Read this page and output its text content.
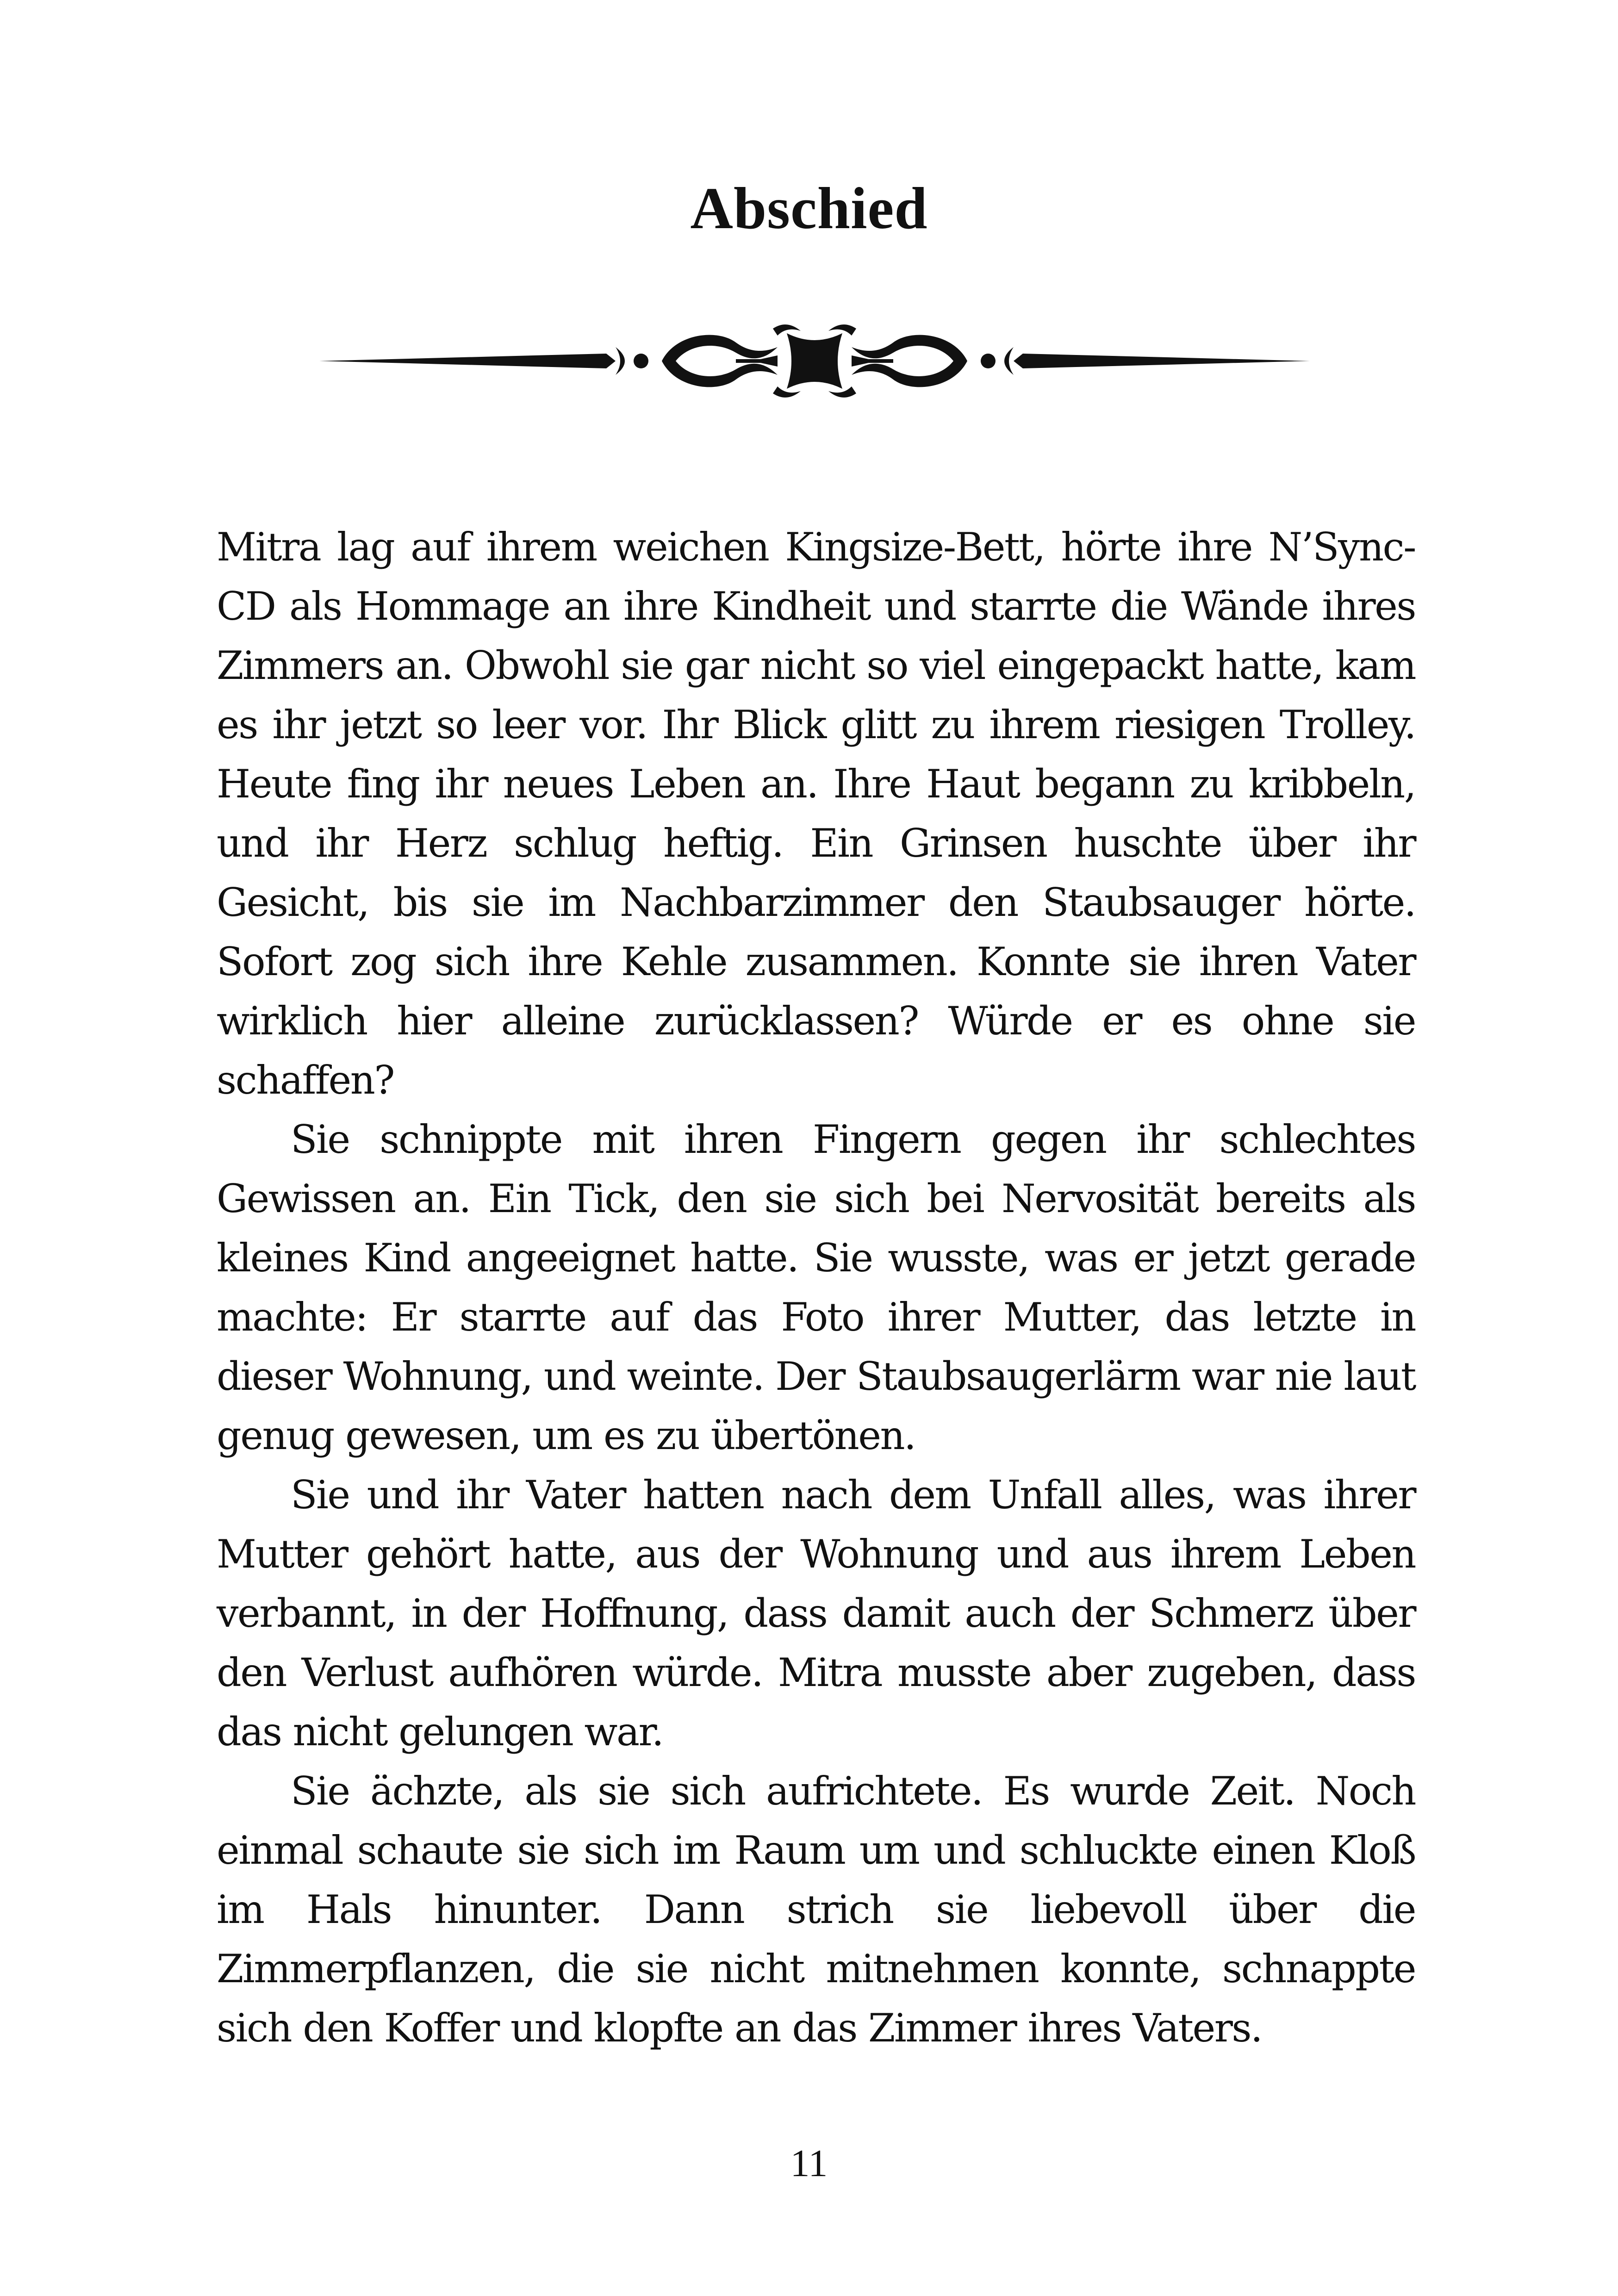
Abschied

Mitra lag auf ihrem weichen Kingsize-Bett, hörte ihre N’Sync- CD als Hommage an ihre Kindheit und starrte die Wände ihres Zimmers an. Obwohl sie gar nicht so viel eingepackt hatte, kam es ihr jetzt so leer vor. Ihr Blick glitt zu ihrem riesigen Trolley. Heute fing ihr neues Leben an. Ihre Haut begann zu kribbeln, und ihr Herz schlug heftig. Ein Grinsen huschte über ihr Gesicht, bis sie im Nachbarzimmer den Staubsauger hörte. Sofort zog sich ihre Kehle zusammen. Konnte sie ihren Vater wirklich hier alleine zurücklassen? Würde er es ohne sie schaffen?

Sie schnippte mit ihren Fingern gegen ihr schlechtes Gewissen an. Ein Tick, den sie sich bei Nervosität bereits als kleines Kind angeeignet hatte. Sie wusste, was er jetzt gerade machte: Er starrte auf das Foto ihrer Mutter, das letzte in dieser Wohnung, und weinte. Der Staubsaugerlärm war nie laut genug gewesen, um es zu übertönen.

Sie und ihr Vater hatten nach dem Unfall alles, was ihrer Mutter gehört hatte, aus der Wohnung und aus ihrem Leben verbannt, in der Hoffnung, dass damit auch der Schmerz über den Verlust aufhören würde. Mitra musste aber zugeben, dass das nicht gelungen war.

Sie ächzte, als sie sich aufrichtete. Es wurde Zeit. Noch einmal schaute sie sich im Raum um und schluckte einen Kloß im Hals hinunter. Dann strich sie liebevoll über die Zimmerpflanzen, die sie nicht mitnehmen konnte, schnappte sich den Koffer und klopfte an das Zimmer ihres Vaters.

11
